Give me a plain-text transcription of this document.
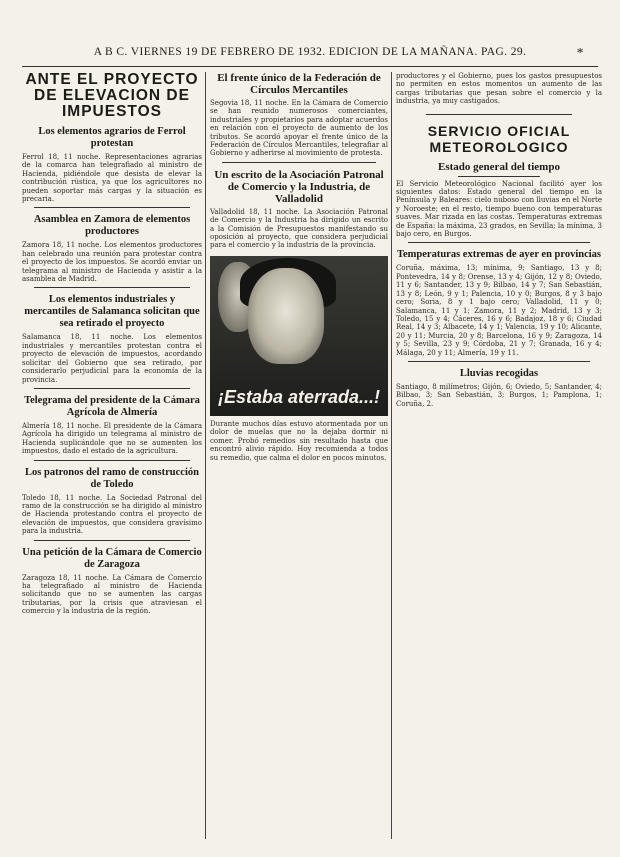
A B C. VIERNES 19 DE FEBRERO DE 1932. EDICION DE LA MAÑANA. PAG. 29.	*
ANTE EL PROYECTO DE ELEVACION DE IMPUESTOS
Los elementos agrarios de Ferrol protestan

Ferrol 18, 11 noche. Representaciones agrarias de la comarca han telegrafiado al ministro de Hacienda, pidiéndole que desista de elevar la contribución rústica, ya que los agricultores no pueden soportar más cargas y la situación es precaria.

Asamblea en Zamora de elementos productores

Zamora 18, 11 noche. Los elementos productores han celebrado una reunión para protestar contra el proyecto de los impuestos. Se acordó enviar un telegrama al ministro de Hacienda y asistir a la asamblea de Madrid.

Los elementos industriales y mercantiles de Salamanca solicitan que sea retirado el proyecto

Salamanca 18, 11 noche. Los elementos industriales y mercantiles protestan contra el proyecto de elevación de impuestos, acordando solicitar del Gobierno que sea retirado, por considerarlo perjudicial para la economía de la provincia.

Telegrama del presidente de la Cámara Agrícola de Almería

Almería 18, 11 noche. El presidente de la Cámara Agrícola ha dirigido un telegrama al ministro de Hacienda suplicándole que no se aumenten los impuestos, dado el estado de la agricultura.

Los patronos del ramo de construcción de Toledo

Toledo 18, 11 noche. La Sociedad Patronal del ramo de la construcción se ha dirigido al ministro de Hacienda protestando contra el proyecto de elevación de impuestos, que considera gravísimo para la industria.

Una petición de la Cámara de Comercio de Zaragoza

Zaragoza 18, 11 noche. La Cámara de Comercio ha telegrafiado al ministro de Hacienda solicitando que no se aumenten las cargas tributarias, por la crisis que atraviesan el comercio y la industria de la región.

El frente único de la Federación de Círculos Mercantiles

Segovia 18, 11 noche. En la Cámara de Comercio se han reunido numerosos comerciantes, industriales y propietarios para adoptar acuerdos en relación con el proyecto de aumento de los tributos. Se acordó apoyar el frente único de la Federación de Círculos Mercantiles, telegrafiar al Gobierno y adherirse al movimiento de protesta.

Un escrito de la Asociación Patronal de Comercio y la Industria, de Valladolid

Valladolid 18, 11 noche. La Asociación Patronal de Comercio y la Industria ha dirigido un escrito a la Comisión de Presupuestos manifestando su oposición al proyecto, que considera perjudicial para el comercio y la industria de la provincia.

¡Estaba aterrada...!

Durante muchos días estuvo atormentada por un dolor de muelas que no la dejaba dormir ni comer. Probó remedios sin resultado hasta que encontró alivio rápido. Hoy recomienda a todos su remedio, que calma el dolor en pocos minutos.

productores y el Gobierno, pues los gastos presupuestos no permiten en estos momentos un aumento de las cargas tributarias que pesan sobre el comercio y la industria, ya muy castigados.

SERVICIO OFICIAL METEOROLOGICO
Estado general del tiempo

El Servicio Meteorológico Nacional facilitó ayer los siguientes datos: Estado general del tiempo en la Península y Baleares: cielo nuboso con lluvias en el Norte y Noroeste; en el resto, tiempo bueno con temperaturas suaves. Mar rizada en las costas. Temperaturas extremas de España: la máxima, 23 grados, en Sevilla; la mínima, 3 bajo cero, en Burgos.

Temperaturas extremas de ayer en provincias

Coruña, máxima, 13; mínima, 9; Santiago, 13 y 8; Pontevedra, 14 y 8; Orense, 13 y 4; Gijón, 12 y 8; Oviedo, 11 y 6; Santander, 13 y 9; Bilbao, 14 y 7; San Sebastián, 13 y 8; León, 9 y 1; Palencia, 10 y 0; Burgos, 8 y 3 bajo cero; Soria, 8 y 1 bajo cero; Valladolid, 11 y 0; Salamanca, 11 y 1; Zamora, 11 y 2; Madrid, 13 y 3; Toledo, 15 y 4; Cáceres, 16 y 6; Badajoz, 18 y 6; Ciudad Real, 14 y 3; Albacete, 14 y 1; Valencia, 19 y 10; Alicante, 20 y 11; Murcia, 20 y 8; Barcelona, 16 y 9; Zaragoza, 14 y 5; Sevilla, 23 y 9; Córdoba, 21 y 7; Granada, 16 y 4; Málaga, 20 y 11; Almería, 19 y 11.

Lluvias recogidas

Santiago, 8 milímetros; Gijón, 6; Oviedo, 5; Santander, 4; Bilbao, 3; San Sebastián, 3; Burgos, 1; Pamplona, 1; Coruña, 2.
